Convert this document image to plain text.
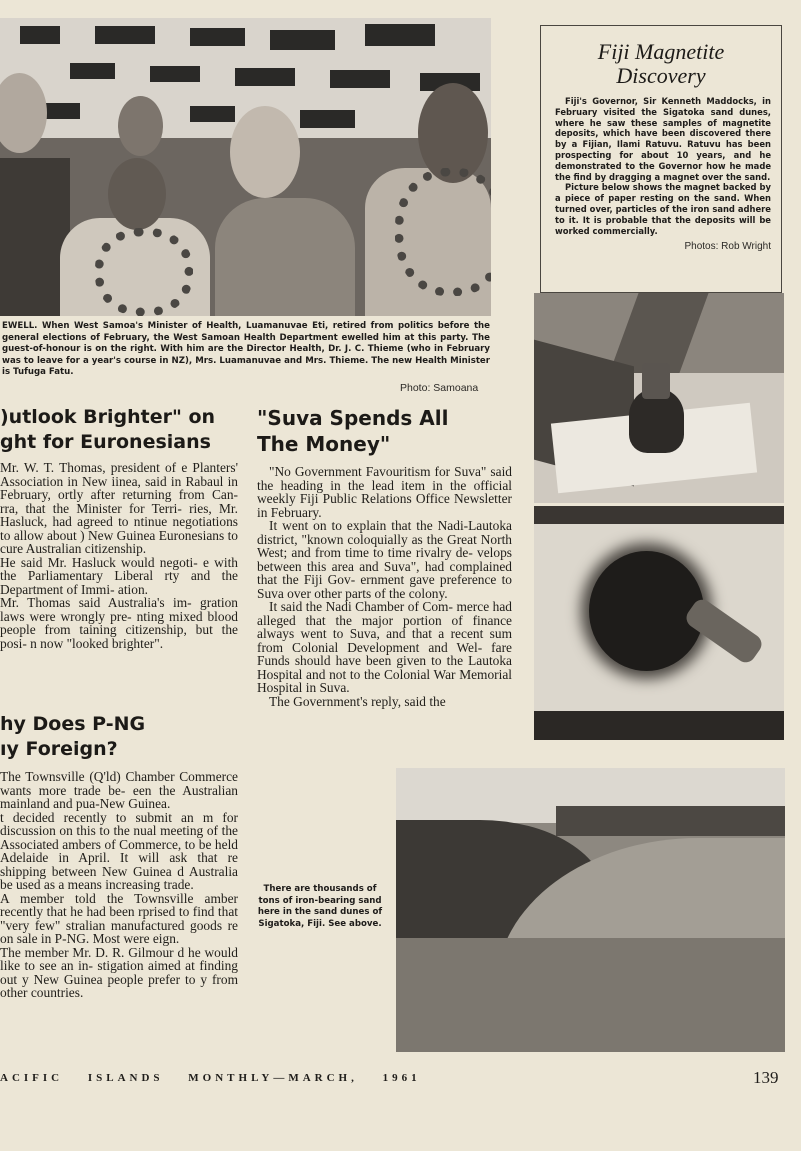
EWELL. When West Samoa's Minister of Health, Luamanuvae Eti, retired from politics before the general elections of February, the West Samoan Health Department ewelled him at this party. The guest-of-honour is on the right. With him are the Director Health, Dr. J. C. Thieme (who in February was to leave for a year's course in NZ), Mrs. Luamanuvae and Mrs. Thieme. The new Health Minister is Tufuga Fatu.
Photo: Samoana
Fiji Magnetite
Discovery
Fiji's Governor, Sir Kenneth Maddocks, in February visited the Sigatoka sand dunes, where he saw these samples of magnetite deposits, which have been discovered there by a Fijian, Ilami Ratuvu. Ratuvu has been prospecting for about 10 years, and he demonstrated to the Governor how he made the find by dragging a magnet over the sand.
Picture below shows the magnet backed by a piece of paper resting on the sand. When turned over, particles of the iron sand adhere to it. It is probable that the deposits will be worked commercially.
Photos: Rob Wright
)utlook Brighter" on
ght for Euronesians

Mr. W. T. Thomas, president of e Planters' Association in New iinea, said in Rabaul in February, ortly after returning from Can- rra, that the Minister for Terri- ries, Mr. Hasluck, had agreed to ntinue negotiations to allow about ) New Guinea Euronesians to cure Australian citizenship.

He said Mr. Hasluck would negoti- e with the Parliamentary Liberal rty and the Department of Immi- ation.

Mr. Thomas said Australia's im- gration laws were wrongly pre- nting mixed blood people from taining citizenship, but the posi- n now "looked brighter".

hy Does P-NG
ıy Foreign?

The Townsville (Q'ld) Chamber Commerce wants more trade be- een the Australian mainland and pua-New Guinea.

t decided recently to submit an m for discussion on this to the nual meeting of the Associated ambers of Commerce, to be held Adelaide in April. It will ask that re shipping between New Guinea d Australia be used as a means increasing trade.

A member told the Townsville amber recently that he had been rprised to find that "very few" stralian manufactured goods re on sale in P-NG. Most were eign.

The member Mr. D. R. Gilmour d he would like to see an in- stigation aimed at finding out y New Guinea people prefer to y from other countries.

"Suva Spends All
The Money"

"No Government Favouritism for Suva" said the heading in the lead item in the official weekly Fiji Public Relations Office Newsletter in February.

It went on to explain that the Nadi-Lautoka district, "known coloquially as the Great North West; and from time to time rivalry de- velops between this area and Suva", had complained that the Fiji Gov- ernment gave preference to Suva over other parts of the colony.

It said the Nadi Chamber of Com- merce had alleged that the major portion of finance always went to Suva, and that a recent sum from Colonial Development and Wel- fare Funds should have been given to the Lautoka Hospital and not to the Colonial War Memorial Hospital in Suva.

The Government's reply, said the

There are thousands of tons of iron-bearing sand here in the sand dunes of Sigatoka, Fiji. See above.
ACIFIC ISLANDS MONTHLY—MARCH, 1961	139
